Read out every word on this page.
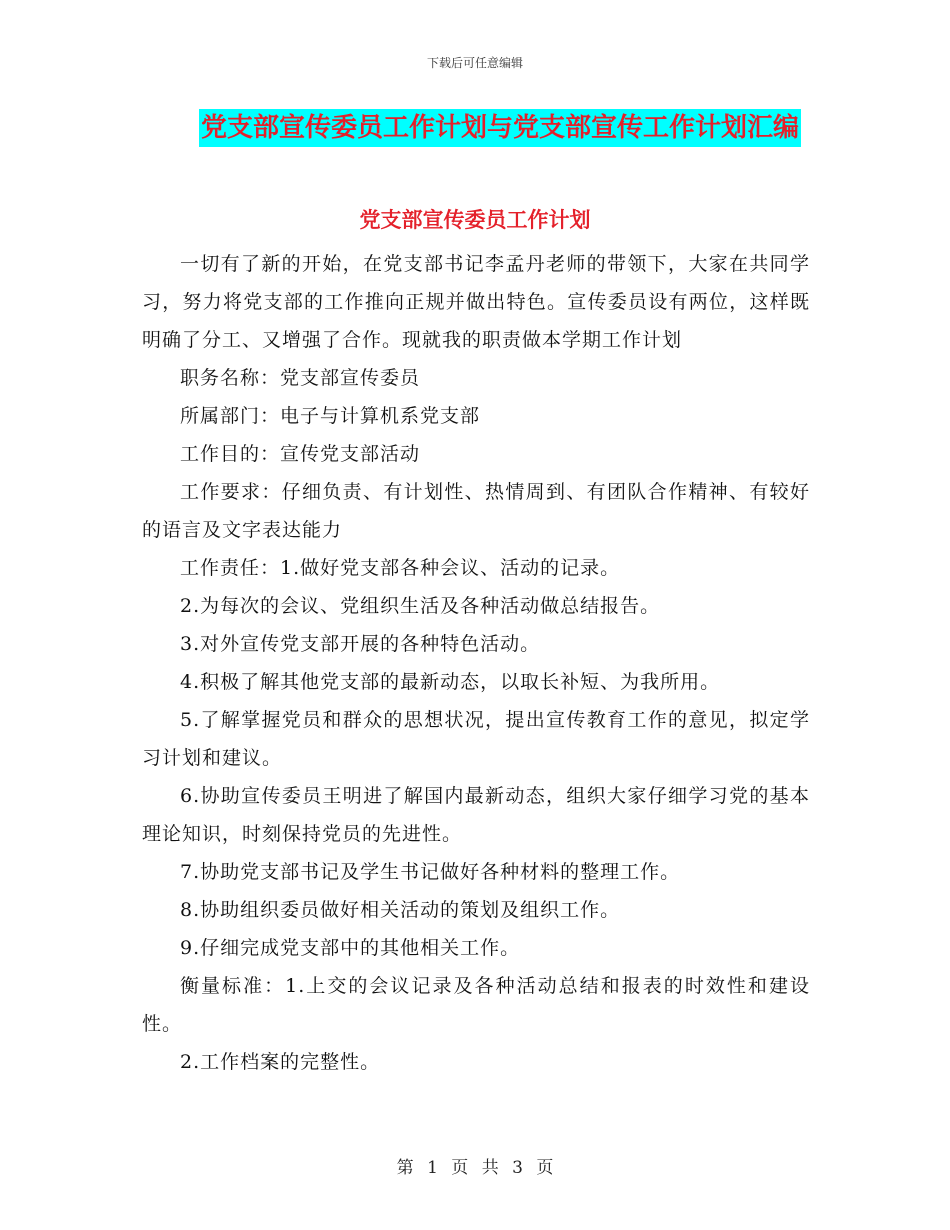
下载后可任意编辑
党支部宣传委员工作计划与党支部宣传工作计划汇编
党支部宣传委员工作计划

一切有了新的开始，在党支部书记李孟丹老师的带领下，大家在共同学习，努力将党支部的工作推向正规并做出特色。宣传委员设有两位，这样既明确了分工、又增强了合作。现就我的职责做本学期工作计划

职务名称：党支部宣传委员

所属部门：电子与计算机系党支部

工作目的：宣传党支部活动

工作要求：仔细负责、有计划性、热情周到、有团队合作精神、有较好的语言及文字表达能力

工作责任：1.做好党支部各种会议、活动的记录。

2.为每次的会议、党组织生活及各种活动做总结报告。

3.对外宣传党支部开展的各种特色活动。

4.积极了解其他党支部的最新动态，以取长补短、为我所用。

5.了解掌握党员和群众的思想状况，提出宣传教育工作的意见，拟定学习计划和建议。

6.协助宣传委员王明进了解国内最新动态，组织大家仔细学习党的基本理论知识，时刻保持党员的先进性。

7.协助党支部书记及学生书记做好各种材料的整理工作。

8.协助组织委员做好相关活动的策划及组织工作。

9.仔细完成党支部中的其他相关工作。

衡量标准：1.上交的会议记录及各种活动总结和报表的时效性和建设性。

2.工作档案的完整性。

第 1 页 共 3 页
